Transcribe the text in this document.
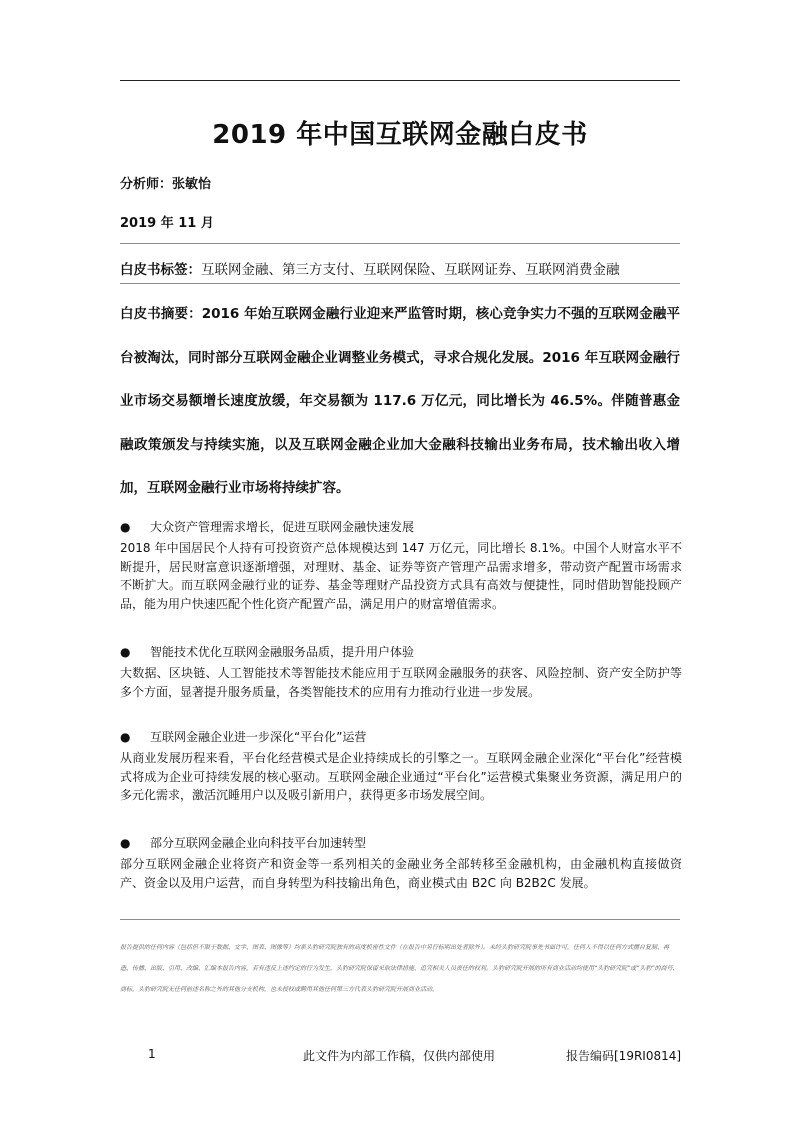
2019 年中国互联网金融白皮书
分析师：张敏怡
2019 年 11 月
白皮书标签：互联网金融、第三方支付、互联网保险、互联网证券、互联网消费金融
白皮书摘要：2016 年始互联网金融行业迎来严监管时期，核心竞争实力不强的互联网金融平台被淘汰，同时部分互联网金融企业调整业务模式，寻求合规化发展。2016 年互联网金融行业市场交易额增长速度放缓，年交易额为 117.6 万亿元，同比增长为 46.5%。伴随普惠金融政策颁发与持续实施，以及互联网金融企业加大金融科技输出业务布局，技术输出收入增加，互联网金融行业市场将持续扩容。
● 大众资产管理需求增长，促进互联网金融快速发展
2018 年中国居民个人持有可投资资产总体规模达到 147 万亿元，同比增长 8.1%。中国个人财富水平不断提升，居民财富意识逐渐增强，对理财、基金、证券等资产管理产品需求增多，带动资产配置市场需求不断扩大。而互联网金融行业的证券、基金等理财产品投资方式具有高效与便捷性，同时借助智能投顾产品，能为用户快速匹配个性化资产配置产品，满足用户的财富增值需求。
● 智能技术优化互联网金融服务品质，提升用户体验
大数据、区块链、人工智能技术等智能技术能应用于互联网金融服务的获客、风险控制、资产安全防护等多个方面，显著提升服务质量，各类智能技术的应用有力推动行业进一步发展。
● 互联网金融企业进一步深化“平台化”运营
从商业发展历程来看，平台化经营模式是企业持续成长的引擎之一。互联网金融企业深化“平台化”经营模式将成为企业可持续发展的核心驱动。互联网金融企业通过“平台化”运营模式集聚业务资源，满足用户的多元化需求，激活沉睡用户以及吸引新用户，获得更多市场发展空间。
● 部分互联网金融企业向科技平台加速转型
部分互联网金融企业将资产和资金等一系列相关的金融业务全部转移至金融机构，由金融机构直接做资产、资金以及用户运营，而自身转型为科技输出角色，商业模式由 B2C 向 B2B2C 发展。
报告提供的任何内容（包括但不限于数据、文字、图表、图像等）均系头豹研究院独有的高度机密性文件（在报告中另行标明出处者除外）。未经头豹研究院事先书面许可，任何人不得以任何方式擅自复制、再造、传播、出版、引用、改编、汇编本报告内容，若有违反上述约定的行为发生，头豹研究院保留采取法律措施、追究相关人员责任的权利。头豹研究院开展的所有商业活动均使用“头豹研究院”或“头豹”的商号、商标，头豹研究院无任何前述名称之外的其他分支机构，也未授权或聘用其他任何第三方代表头豹研究院开展商业活动。
1	此文件为内部工作稿，仅供内部使用	报告编码[19RI0814]
